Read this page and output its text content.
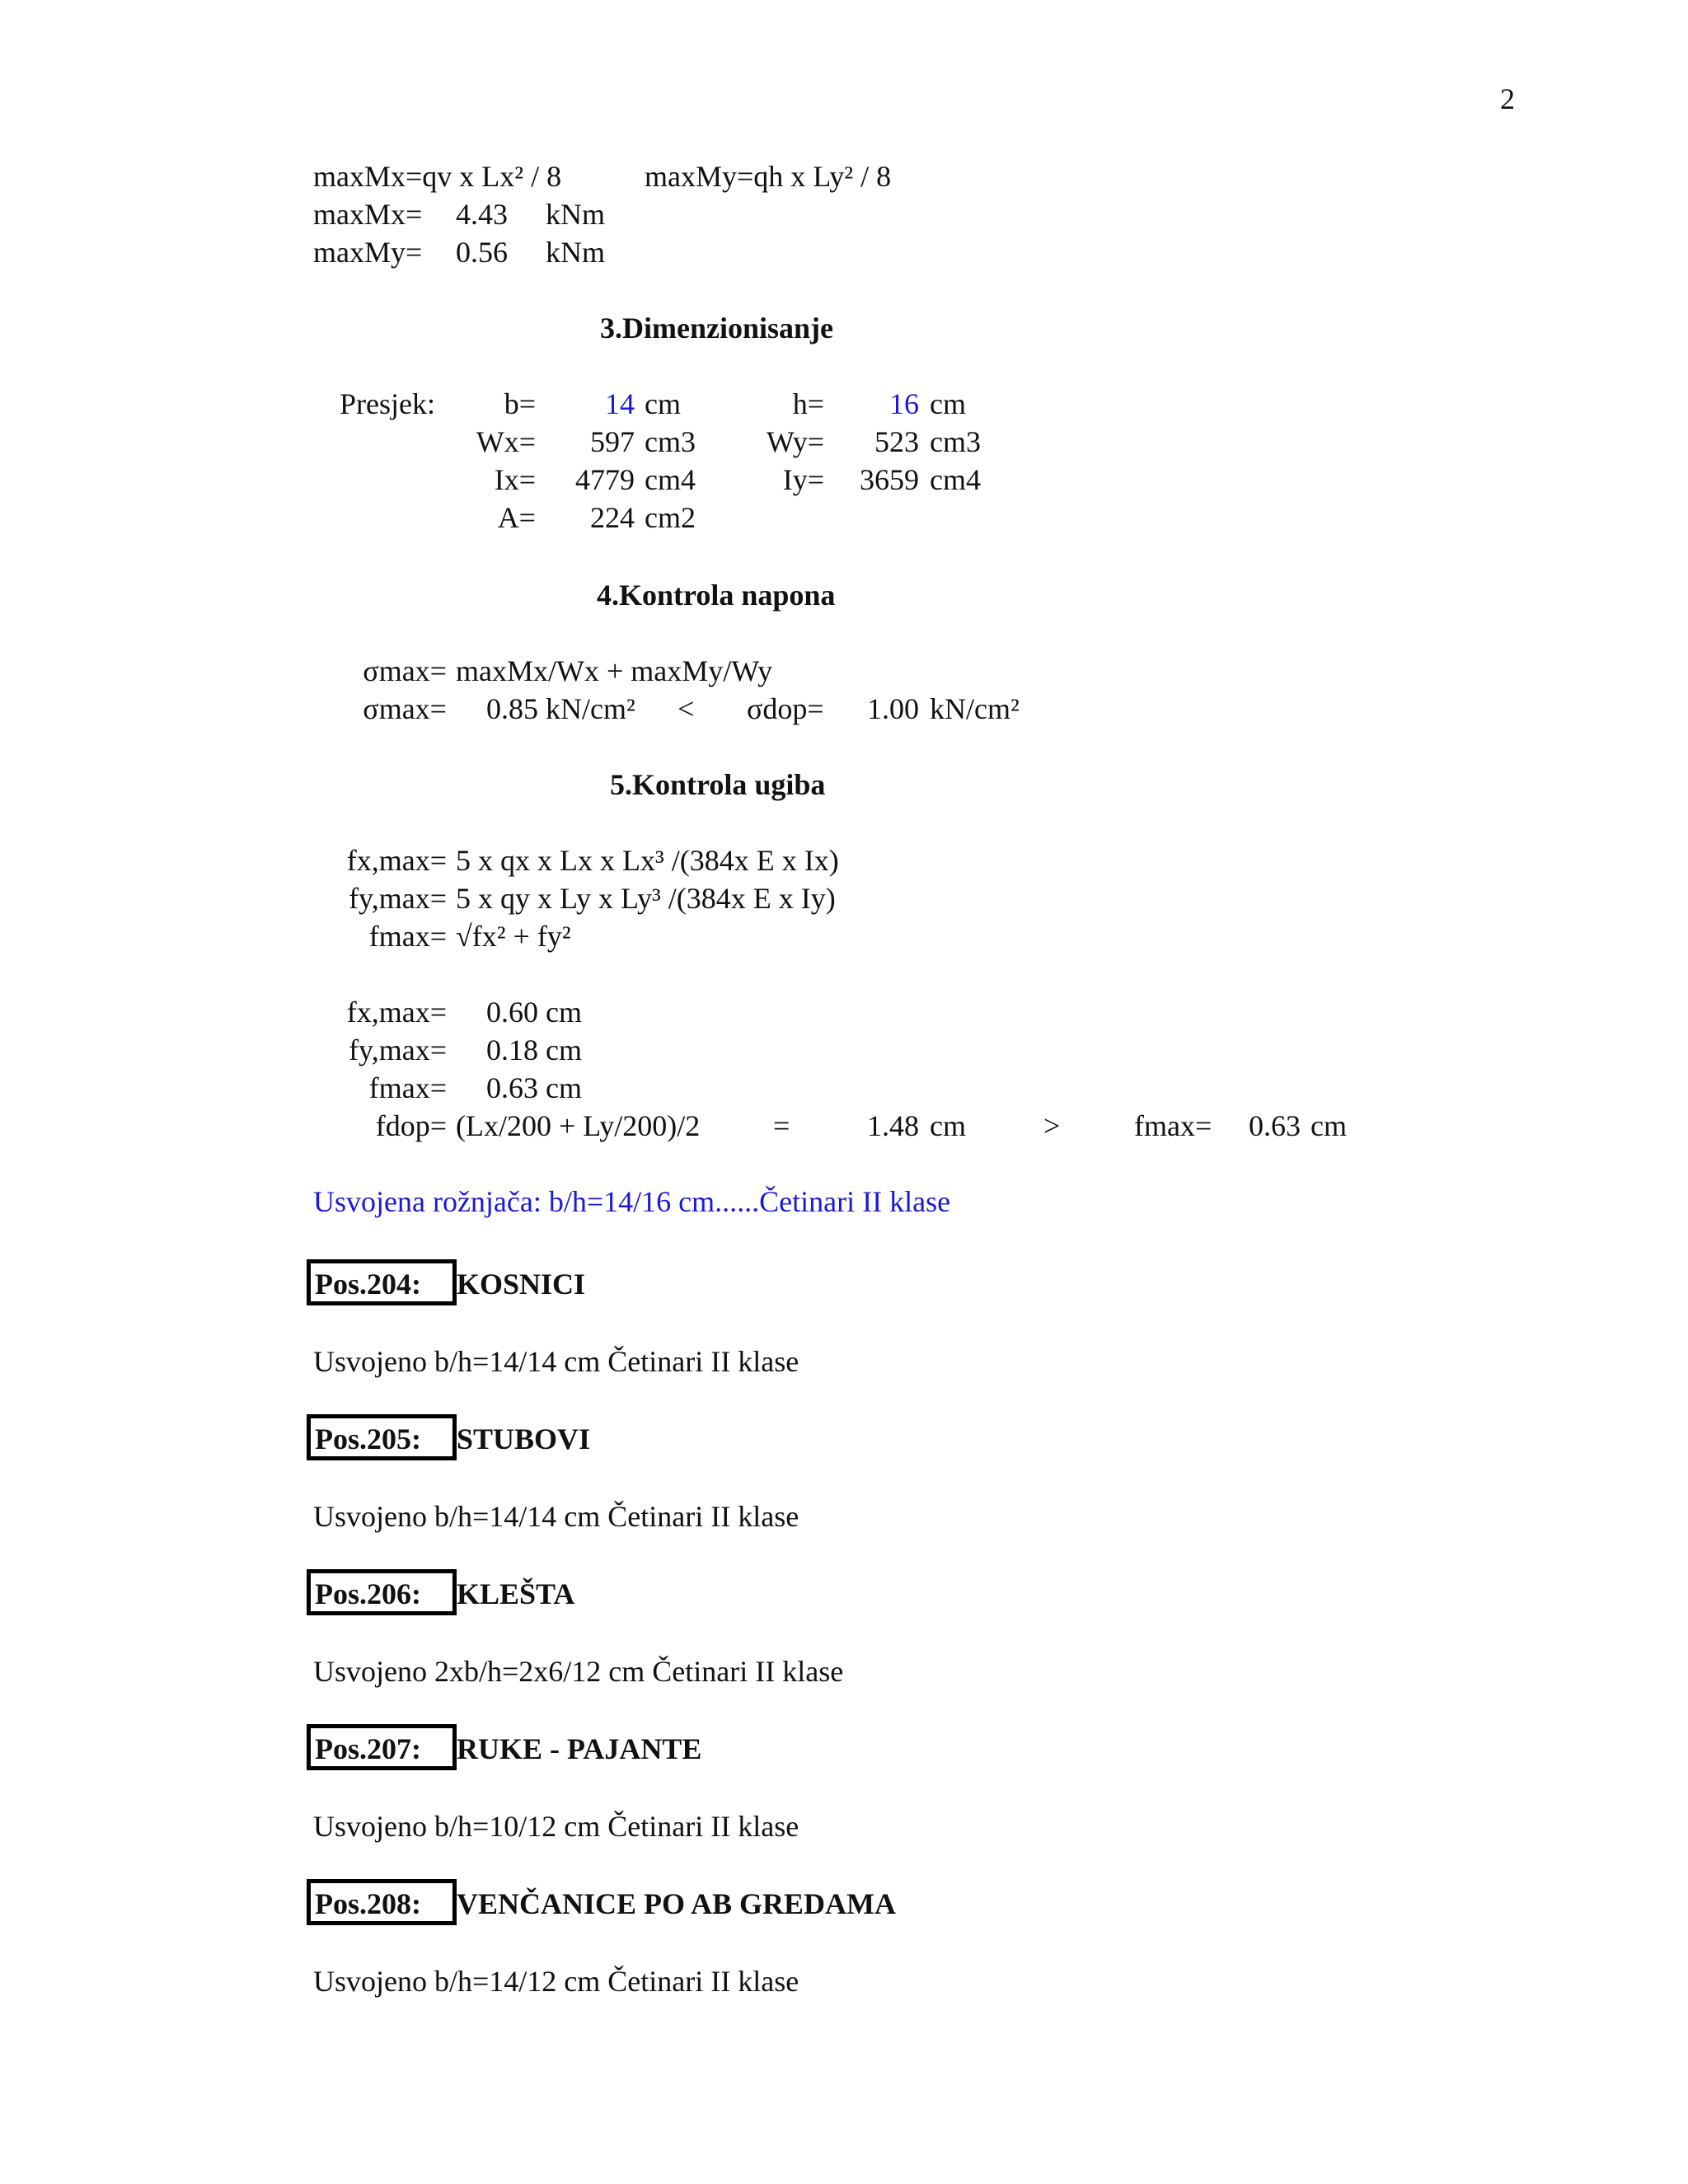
2
maxMx=qv x Lx² / 8	maxMy=qh x Ly² / 8
maxMx= 4.43 kNm
maxMy= 0.56 kNm
3.Dimenzionisanje
Presjek:	b=	14 cm	h=	16 cm
Wx=	597 cm3	Wy=	523 cm3
Ix=	4779 cm4	Iy=	3659 cm4
A=	224 cm2
4.Kontrola napona
σmax= maxMx/Wx + maxMy/Wy
σmax=	0.85 kN/cm² < σdop=	1.00 kN/cm²
5.Kontrola ugiba
fx,max= 5 x qx x Lx x Lx³ /(384x E x Ix)
fy,max= 5 x qy x Ly x Ly³ /(384x E x Iy)
fmax= √fx² + fy²
fx,max=	0.60 cm
fy,max=	0.18 cm
fmax=	0.63 cm
fdop= (Lx/200 + Ly/200)/2 =	1.48 cm	> fmax=	0.63 cm
Usvojena rožnjača: b/h=14/16 cm......Četinari II klase
Pos.204: KOSNICI
Usvojeno b/h=14/14 cm Četinari II klase
Pos.205: STUBOVI
Usvojeno b/h=14/14 cm Četinari II klase
Pos.206: KLEŠTA
Usvojeno 2xb/h=2x6/12 cm Četinari II klase
Pos.207: RUKE - PAJANTE
Usvojeno b/h=10/12 cm Četinari II klase
Pos.208: VENČANICE PO AB GREDAMA
Usvojeno b/h=14/12 cm Četinari II klase
